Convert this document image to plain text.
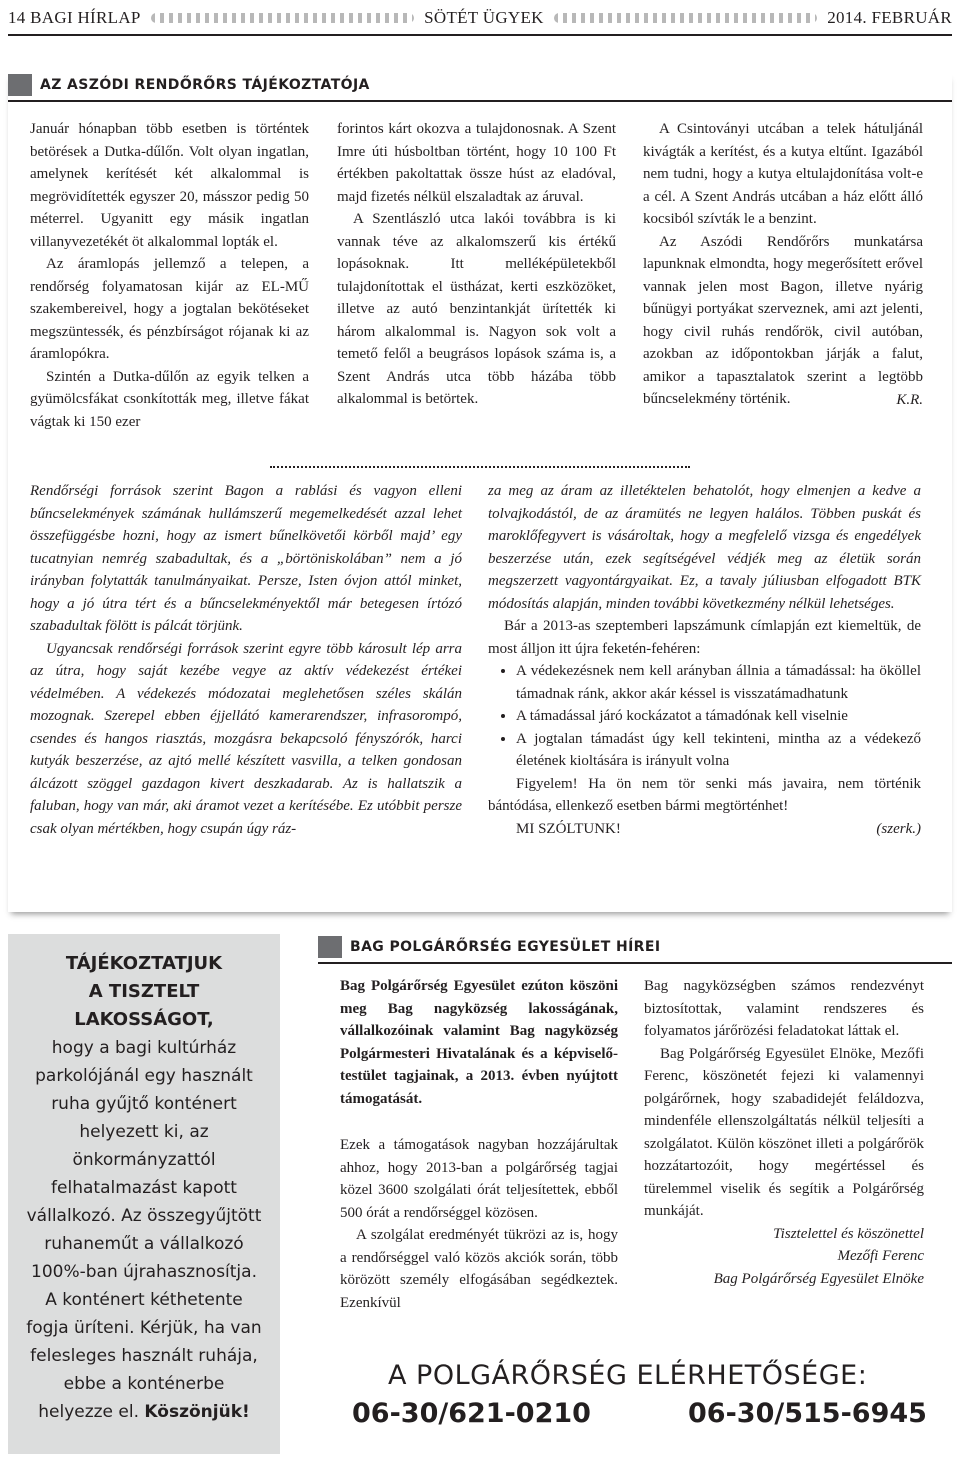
14 BAGI HÍRLAP	SÖTÉT ÜGYEK	2014. FEBRUÁR
AZ ASZÓDI RENDŐRŐRS TÁJÉKOZTATÓJA

Január hónapban több esetben is történtek betörések a Dutka-dűlőn. Volt olyan ingatlan, amelynek kerítését két alkalommal is megrövidítették egyszer 20, másszor pedig 50 méterrel. Ugyanitt egy másik ingatlan villanyvezetékét öt alkalommal lopták el.

Az áramlopás jellemző a telepen, a rendőrség folyamatosan kijár az EL-MŰ szakembereivel, hogy a jogtalan bekötéseket megszüntessék, és pénzbírságot rójanak ki az áramlopókra.

Szintén a Dutka-dűlőn az egyik telken a gyümölcsfákat csonkították meg, illetve fákat vágtak ki 150 ezer

forintos kárt okozva a tulajdonosnak. A Szent Imre úti húsboltban történt, hogy 10 100 Ft értékben pakoltattak össze húst az eladóval, majd fizetés nélkül elszaladtak az áruval.

A Szentlászló utca lakói továbbra is ki vannak téve az alkalomszerű kis értékű lopásoknak. Itt melléképületekből tulajdonítottak el üstházat, kerti eszközöket, illetve az autó benzintankját ürítették ki három alkalommal is. Nagyon sok volt a temető felől a beugrásos lopások száma is, a Szent András utca több házába több alkalommal is betörtek.

A Csintoványi utcában a telek hátuljánál kivágták a kerítést, és a kutya eltűnt. Igazából nem tudni, hogy a kutya eltulajdonítása volt-e a cél. A Szent András utcában a ház előtt álló kocsiból szívták le a benzint.

Az Aszódi Rendőrőrs munkatársa lapunknak elmondta, hogy megerősített erővel vannak jelen most Bagon, illetve nyárig bűnügyi portyákat szerveznek, ami azt jelenti, hogy civil ruhás rendőrök, civil autóban, azokban az időpontokban járják a falut, amikor a tapasztalatok szerint a legtöbb bűncselekmény történik.	K.R.

Rendőrségi források szerint Bagon a rablási és vagyon elleni bűncselekmények számának hullámszerű megemelkedését azzal lehet összefüggésbe hozni, hogy az ismert bűnelkövetői körből majd’ egy tucatnyian nemrég szabadultak, és a „börtöniskolában” nem a jó irányban folytatták tanulmányaikat. Persze, Isten óvjon attól minket, hogy a jó útra tért és a bűncselekményektől már betegesen írtózó szabadultak fölött is pálcát törjünk.

Ugyancsak rendőrségi források szerint egyre több károsult lép arra az útra, hogy saját kezébe vegye az aktív védekezést értékei védelmében. A védekezés módozatai meglehetősen széles skálán mozognak. Szerepel ebben éjjellátó kamerarendszer, infrasorompó, csendes és hangos riasztás, mozgásra bekapcsoló fényszórók, harci kutyák beszerzése, az ajtó mellé készített vasvilla, a telken gondosan álcázott szöggel gazdagon kivert deszkadarab. Az is hallatszik a faluban, hogy van már, aki áramot vezet a kerítésébe. Ez utóbbit persze csak olyan mértékben, hogy csupán úgy ráz-

za meg az áram az illetéktelen behatolót, hogy elmenjen a kedve a tolvajkodástól, de az áramütés ne legyen halálos. Többen puskát és maroklőfegyvert is vásároltak, hogy a megfelelő vizsga és engedélyek beszerzése után, ezek segítségével védjék meg az életük során megszerzett vagyontárgyaikat. Ez, a tavaly júliusban elfogadott BTK módosítás alapján, minden további következmény nélkül lehetséges.

Bár a 2013-as szeptemberi lapszámunk címlapján ezt kiemeltük, de most álljon itt újra feketén-fehéren:

• A védekezésnek nem kell arányban állnia a támadással: ha ököllel támadnak ránk, akkor akár késsel is visszatámadhatunk
• A támadással járó kockázatot a támadónak kell viselnie
• A jogtalan támadást úgy kell tekinteni, mintha az a védekező életének kioltására is irányult volna

Figyelem! Ha ön nem tör senki más javaira, nem történik bántódása, ellenkező esetben bármi megtörténhet!

MI SZÓLTUNK!	(szerk.)
TÁJÉKOZTATJUK
A TISZTELT LAKOSSÁGOT,
hogy a bagi kultúrház parkolójánál egy használt ruha gyűjtő konténert helyezett ki, az önkormányzattól felhatalmazást kapott vállalkozó. Az összegyűjtött ruhaneműt a vállalkozó 100%-ban újrahasznosítja. A konténert kéthetente fogja üríteni. Kérjük, ha van felesleges használt ruhája, ebbe a konténerbe helyezze el. Köszönjük!
BAG POLGÁRŐRSÉG EGYESÜLET HÍREI

Bag Polgárőrség Egyesület ezúton köszöni meg Bag nagyközség lakosságának, vállalkozóinak valamint Bag nagyközség Polgármesteri Hivatalának és a képviselő-testület tagjainak, a 2013. évben nyújtott támogatását.

Ezek a támogatások nagyban hozzájárultak ahhoz, hogy 2013-ban a polgárőrség tagjai közel 3600 szolgálati órát teljesítettek, ebből 500 órát a rendőrséggel közösen.

A szolgálat eredményét tükrözi az is, hogy a rendőrséggel való közös akciók során, több körözött személy elfogásában segédkeztek. Ezenkívül

Bag nagyközségben számos rendezvényt biztosítottak, valamint rendszeres és folyamatos járőrözési feladatokat láttak el.

Bag Polgárőrség Egyesület Elnöke, Mezőfi Ferenc, köszönetét fejezi ki valamennyi polgárőrnek, hogy szabadidejét feláldozva, mindenféle ellenszolgáltatás nélkül teljesíti a szolgálatot. Külön köszönet illeti a polgárőrök hozzátartozóit, hogy megértéssel és türelemmel viselik és segítik a Polgárőrség munkáját.

Tisztelettel és köszönettel
Mezőfi Ferenc
Bag Polgárőrség Egyesület Elnöke
A POLGÁRŐRSÉG ELÉRHETŐSÉGE:
06-30/621-0210	06-30/515-6945
